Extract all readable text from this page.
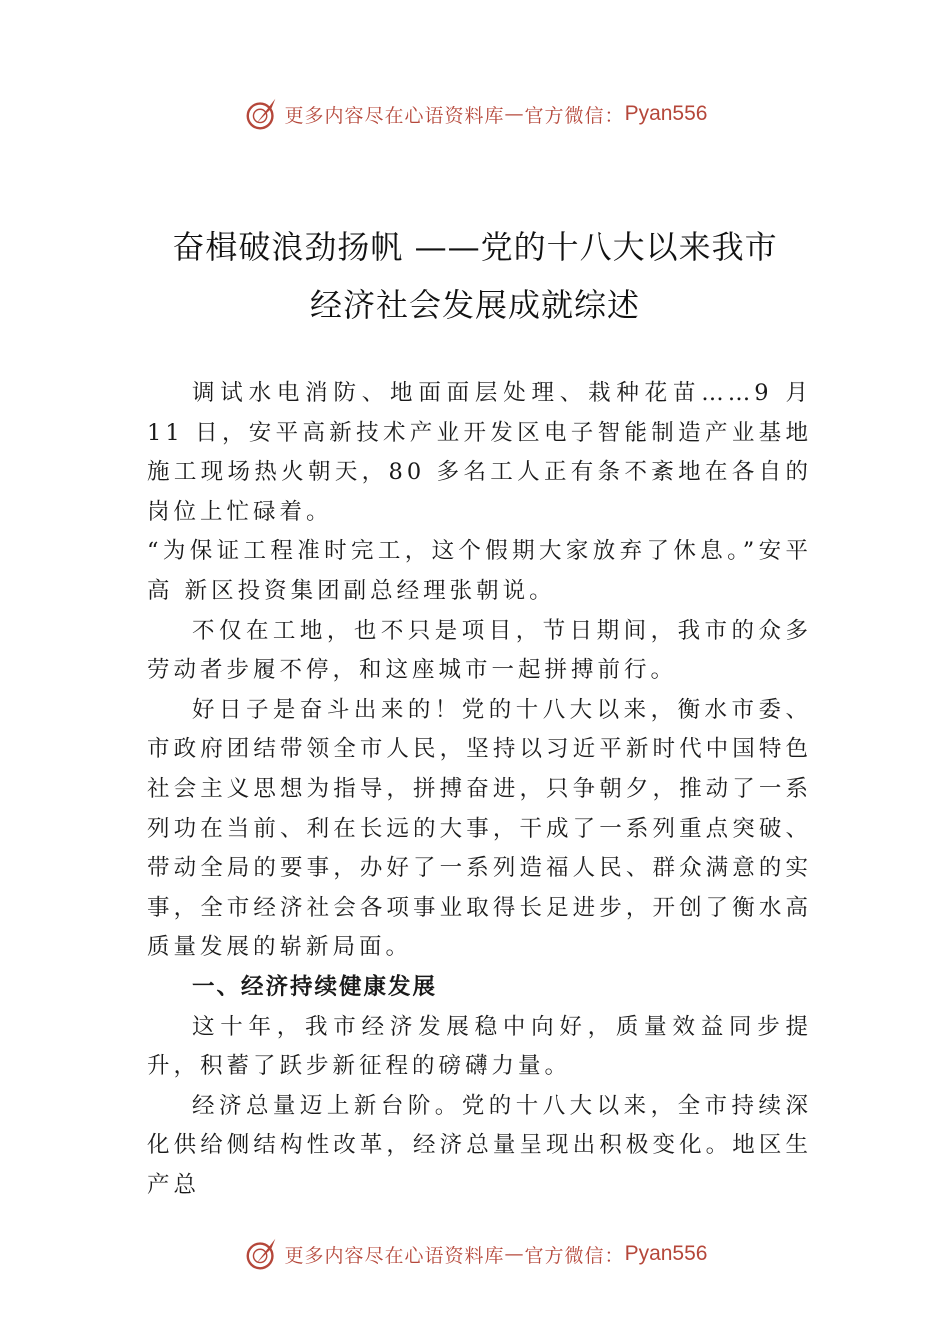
更多内容尽在心语资料库 — 官方微信： Pyan556
奋楫破浪劲扬帆 ——党的十八大以来我市
经济社会发展成就综述

调试水电消防、地面面层处理、栽种花苗……9 月 11 日，安平高新技术产业开发区电子智能制造产业基地施工现场热火朝天，80 多名工人正有条不紊地在各自的岗位上忙碌着。

“为保证工程准时完工，这个假期大家放弃了休息。”安平高 新区投资集团副总经理张朝说。

不仅在工地，也不只是项目，节日期间，我市的众多劳动者步履不停，和这座城市一起拼搏前行。

好日子是奋斗出来的！党的十八大以来，衡水市委、市政府团结带领全市人民，坚持以习近平新时代中国特色社会主义思想为指导，拼搏奋进，只争朝夕，推动了一系列功在当前、利在长远的大事，干成了一系列重点突破、带动全局的要事，办好了一系列造福人民、群众满意的实事，全市经济社会各项事业取得长足进步，开创了衡水高质量发展的崭新局面。

一、经济持续健康发展

这十年，我市经济发展稳中向好，质量效益同步提升，积蓄了跃步新征程的磅礴力量。

经济总量迈上新台阶。党的十八大以来，全市持续深化供给侧结构性改革，经济总量呈现出积极变化。地区生产总

更多内容尽在心语资料库 — 官方微信： Pyan556
